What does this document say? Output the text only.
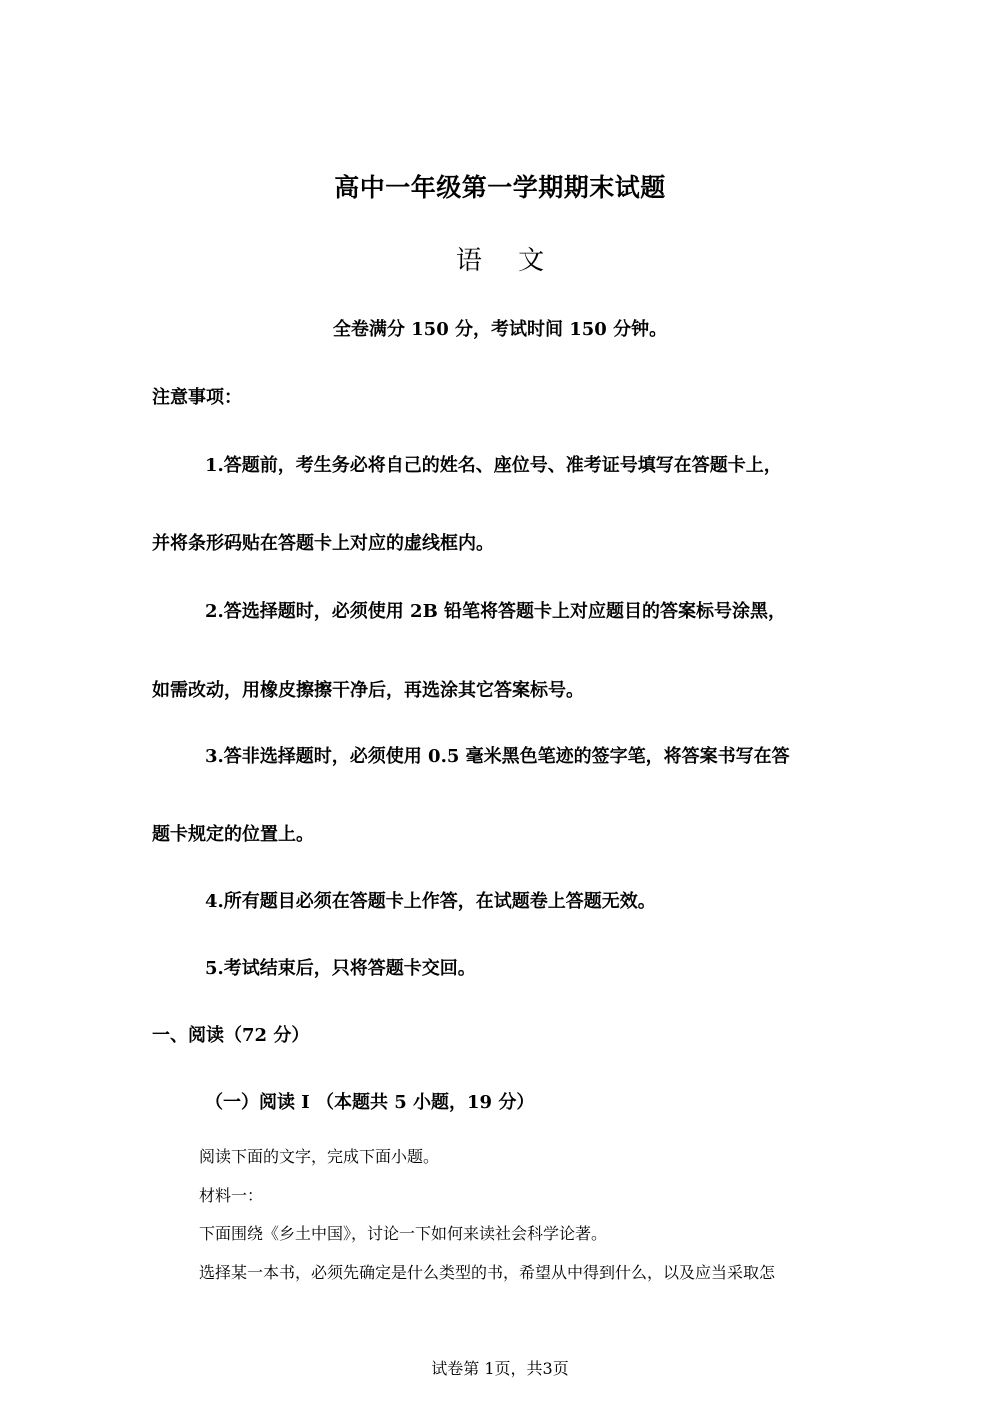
高中一年级第一学期期末试题
语 文
全卷满分 150 分，考试时间 150 分钟。
注意事项：
1.答题前，考生务必将自己的姓名、座位号、准考证号填写在答题卡上，
并将条形码贴在答题卡上对应的虚线框内。
2.答选择题时，必须使用 2B 铅笔将答题卡上对应题目的答案标号涂黑，
如需改动，用橡皮擦擦干净后，再选涂其它答案标号。
3.答非选择题时，必须使用 0.5 毫米黑色笔迹的签字笔，将答案书写在答
题卡规定的位置上。
4.所有题目必须在答题卡上作答，在试题卷上答题无效。
5.考试结束后，只将答题卡交回。
一、阅读（72 分）
（一）阅读 I （本题共 5 小题，19 分）
阅读下面的文字，完成下面小题。
材料一：
下面围绕《乡土中国》，讨论一下如何来读社会科学论著。
选择某一本书，必须先确定是什么类型的书，希望从中得到什么，以及应当采取怎
试卷第 1页，共3页
